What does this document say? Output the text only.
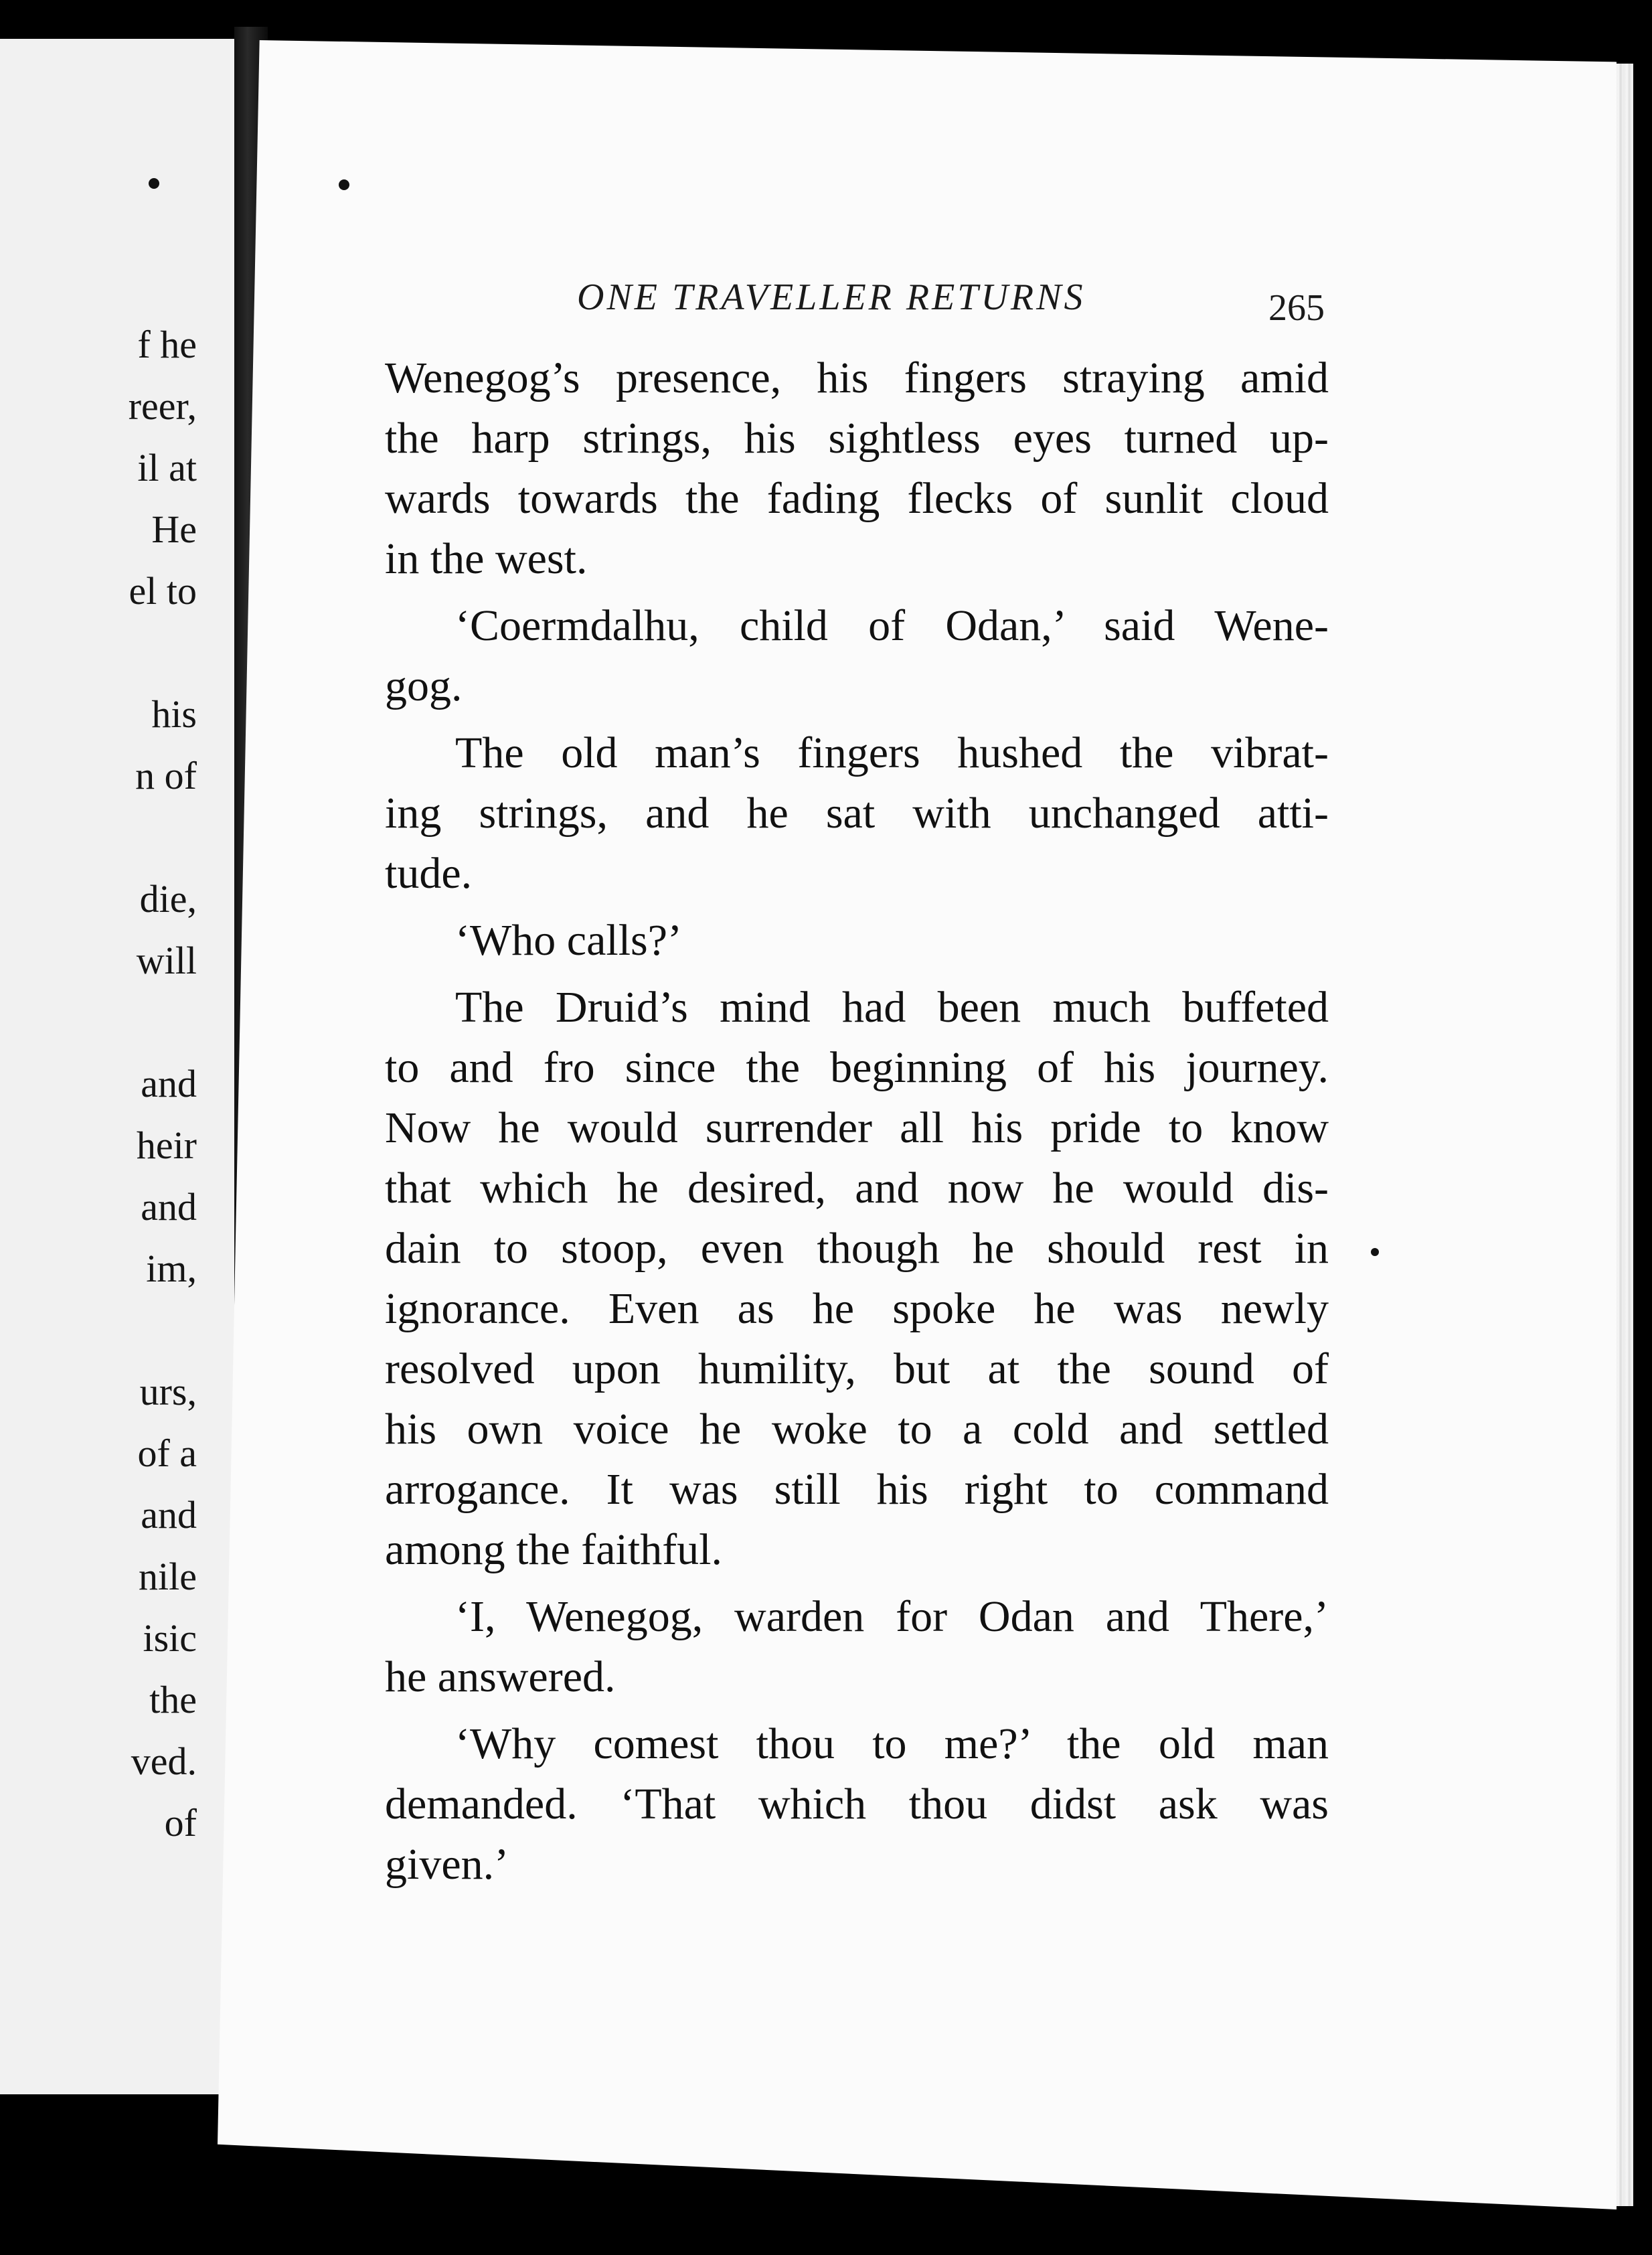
f he
reer,
il at
He
el to
his
n of
die,
will
and
heir
and
im,
urs,
of a
and
nile
isic
the
ved.
of
ONE TRAVELLER RETURNS	265
Wenegog’s presence, his fingers straying amid
the harp strings, his sightless eyes turned up-
wards towards the fading flecks of sunlit cloud
in the west.
‘Coermdalhu, child of Odan,’ said Wene-
gog.
The old man’s fingers hushed the vibrat-
ing strings, and he sat with unchanged atti-
tude.
‘Who calls?’
The Druid’s mind had been much buffeted
to and fro since the beginning of his journey.
Now he would surrender all his pride to know
that which he desired, and now he would dis-
dain to stoop, even though he should rest in
ignorance. Even as he spoke he was newly
resolved upon humility, but at the sound of
his own voice he woke to a cold and settled
arrogance. It was still his right to command
among the faithful.
‘I, Wenegog, warden for Odan and There,’
he answered.
‘Why comest thou to me?’ the old man
demanded. ‘That which thou didst ask was
given.’
